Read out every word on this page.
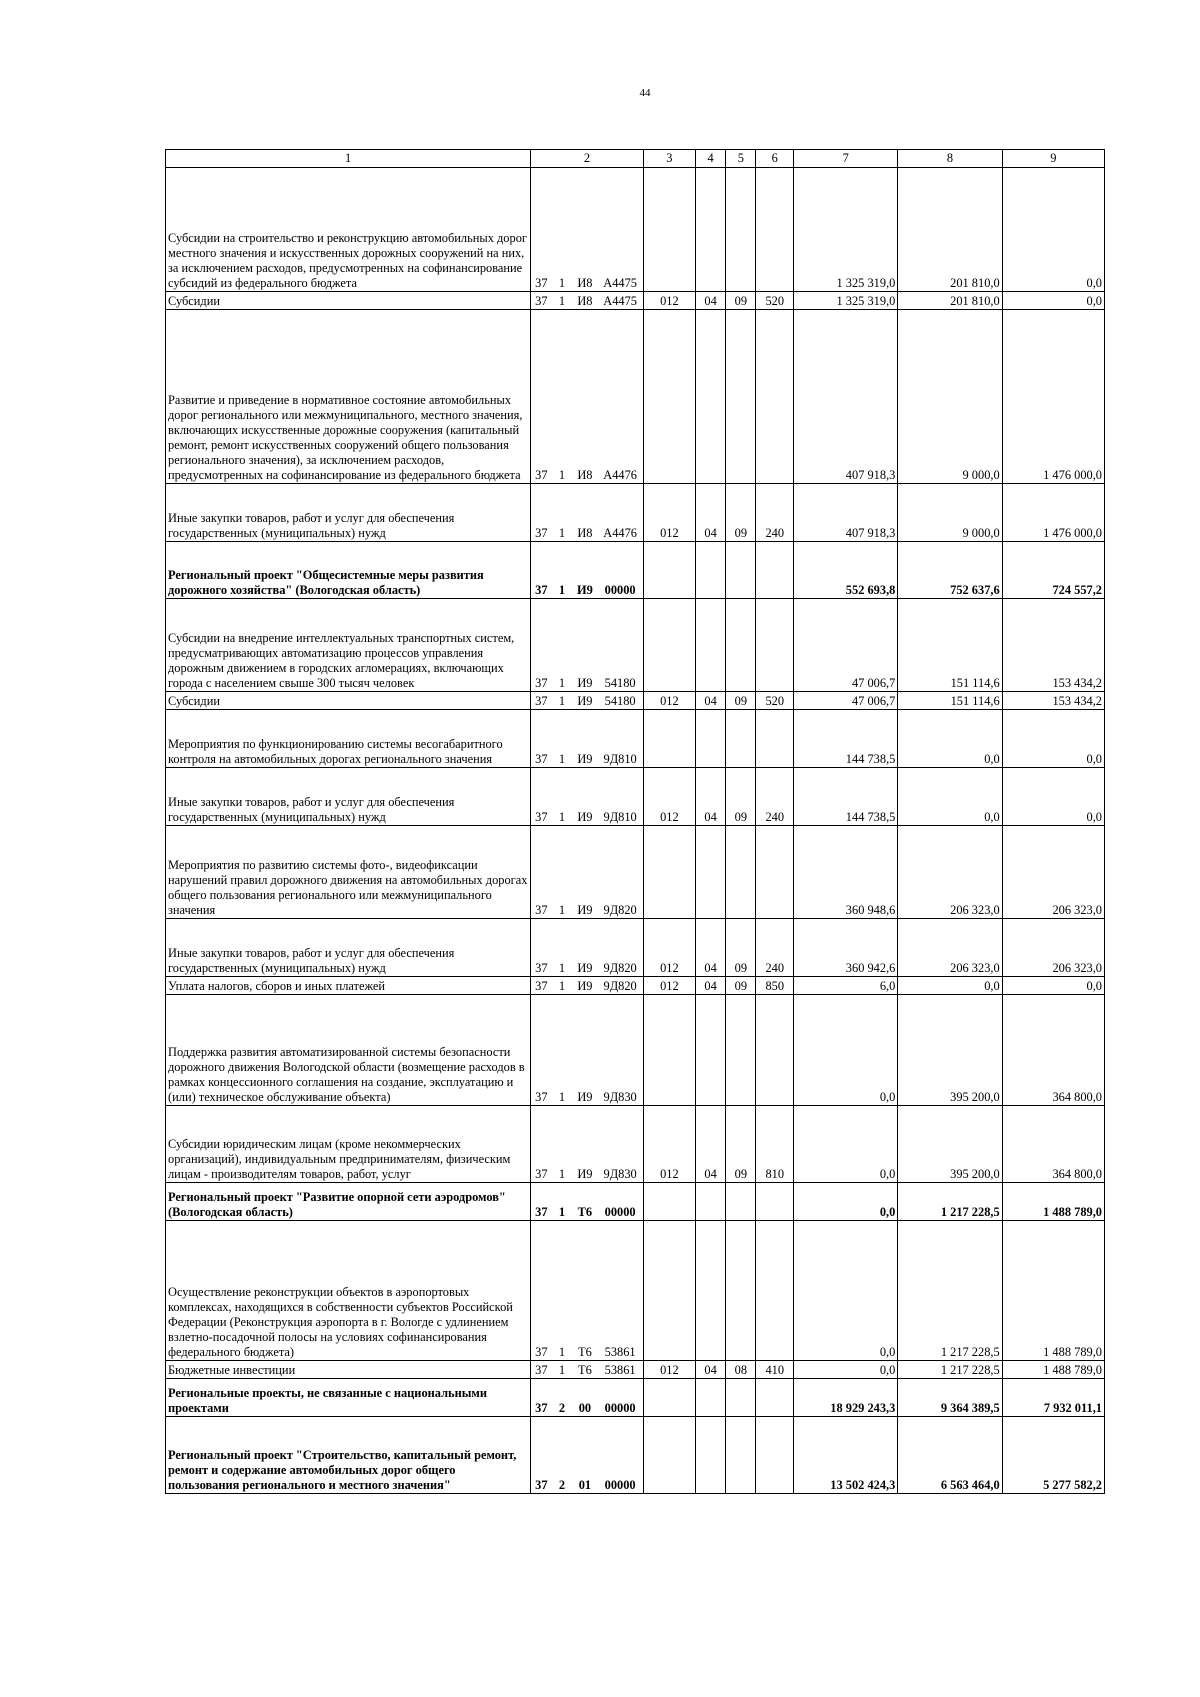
44
1	2				3	4	5	6	7	8	9
Субсидии на строительство и реконструкцию автомобильных дорог местного значения и искусственных дорожных сооружений на них, за исключением расходов, предусмотренных на софинансирование субсидий из федерального бюджета	37	1	И8	А4475					1 325 319,0	201 810,0	0,0
Субсидии	37	1	И8	А4475	012	04	09	520	1 325 319,0	201 810,0	0,0
Развитие и приведение в нормативное состояние автомобильных дорог регионального или межмуниципального, местного значения, включающих искусственные дорожные сооружения (капитальный ремонт, ремонт искусственных сооружений общего пользования регионального значения), за исключением расходов, предусмотренных на софинансирование из федерального бюджета	37	1	И8	А4476					407 918,3	9 000,0	1 476 000,0
Иные закупки товаров, работ и услуг для обеспечения государственных (муниципальных) нужд	37	1	И8	А4476	012	04	09	240	407 918,3	9 000,0	1 476 000,0
Региональный проект "Общесистемные меры развития дорожного хозяйства" (Вологодская область)	37	1	И9	00000					552 693,8	752 637,6	724 557,2
Субсидии на внедрение интеллектуальных транспортных систем, предусматривающих автоматизацию процессов управления дорожным движением в городских агломерациях, включающих города с населением свыше 300 тысяч человек	37	1	И9	54180					47 006,7	151 114,6	153 434,2
Субсидии	37	1	И9	54180	012	04	09	520	47 006,7	151 114,6	153 434,2
Мероприятия по функционированию системы весогабаритного контроля на автомобильных дорогах регионального значения	37	1	И9	9Д810					144 738,5	0,0	0,0
Иные закупки товаров, работ и услуг для обеспечения государственных (муниципальных) нужд	37	1	И9	9Д810	012	04	09	240	144 738,5	0,0	0,0
Мероприятия по развитию системы фото-, видеофиксации нарушений правил дорожного движения на автомобильных дорогах общего пользования регионального или межмуниципального значения	37	1	И9	9Д820					360 948,6	206 323,0	206 323,0
Иные закупки товаров, работ и услуг для обеспечения государственных (муниципальных) нужд	37	1	И9	9Д820	012	04	09	240	360 942,6	206 323,0	206 323,0
Уплата налогов, сборов и иных платежей	37	1	И9	9Д820	012	04	09	850	6,0	0,0	0,0
Поддержка развития автоматизированной системы безопасности дорожного движения Вологодской области (возмещение расходов в рамках концессионного соглашения на создание, эксплуатацию и (или) техническое обслуживание объекта)	37	1	И9	9Д830					0,0	395 200,0	364 800,0
Субсидии юридическим лицам (кроме некоммерческих организаций), индивидуальным предпринимателям, физическим лицам - производителям товаров, работ, услуг	37	1	И9	9Д830	012	04	09	810	0,0	395 200,0	364 800,0
Региональный проект "Развитие опорной сети аэродромов" (Вологодская область)	37	1	Т6	00000					0,0	1 217 228,5	1 488 789,0
Осуществление реконструкции объектов в аэропортовых комплексах, находящихся в собственности субъектов Российской Федерации (Реконструкция аэропорта в г. Вологде с удлинением взлетно-посадочной полосы на условиях софинансирования федерального бюджета)	37	1	Т6	53861					0,0	1 217 228,5	1 488 789,0
Бюджетные инвестиции	37	1	Т6	53861	012	04	08	410	0,0	1 217 228,5	1 488 789,0
Региональные проекты, не связанные с национальными проектами	37	2	00	00000					18 929 243,3	9 364 389,5	7 932 011,1
Региональный проект "Строительство, капитальный ремонт, ремонт и содержание автомобильных дорог общего пользования регионального и местного значения"	37	2	01	00000					13 502 424,3	6 563 464,0	5 277 582,2
